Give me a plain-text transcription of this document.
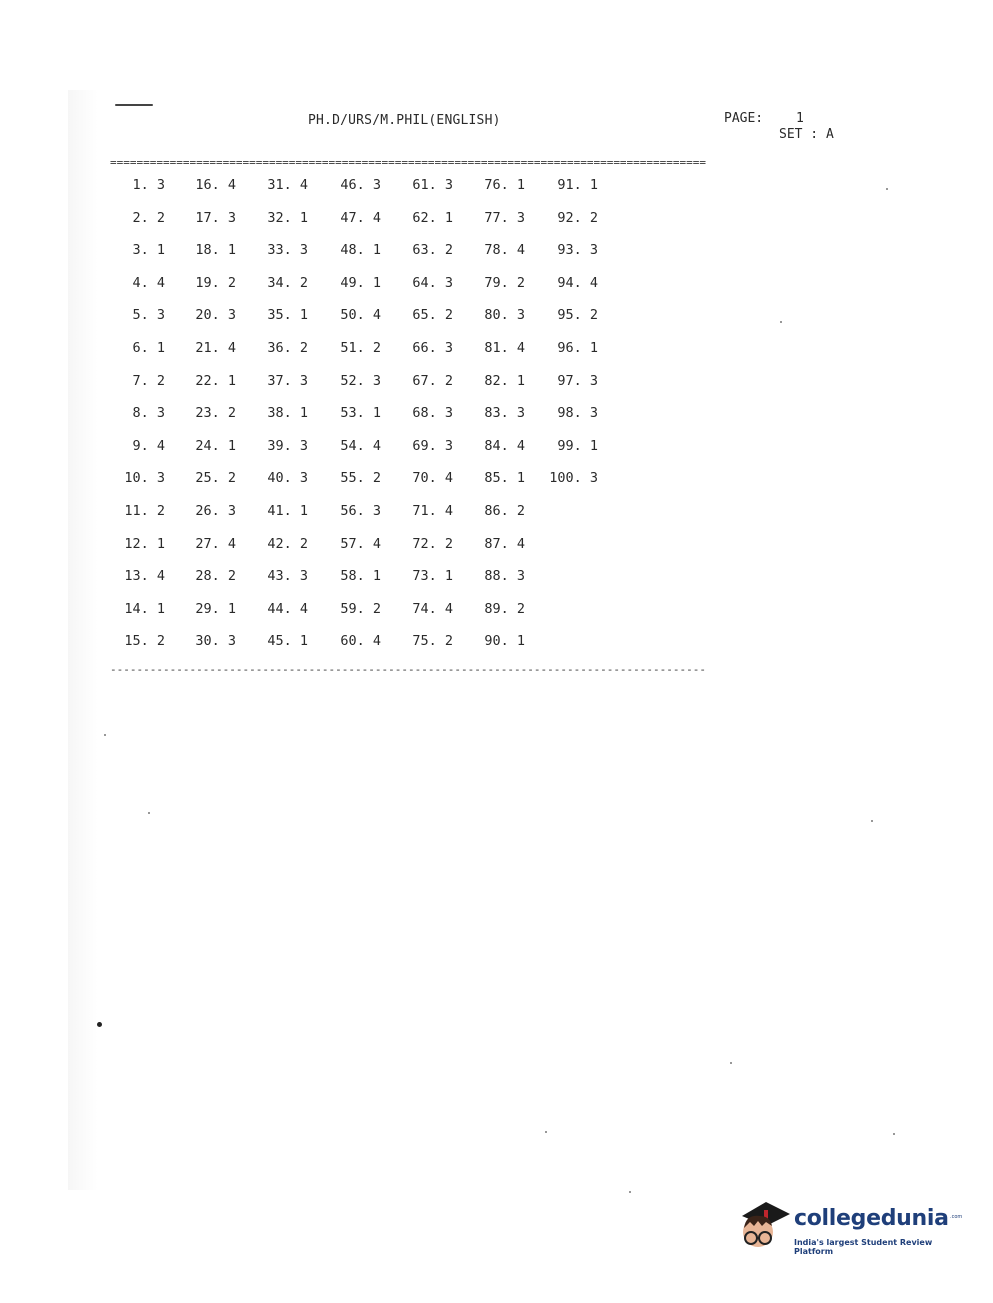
PH.D/URS/M.PHIL(ENGLISH)	PAGE:	1
SET : A
==========================================================================================
1. 3
2. 2
3. 1
4. 4
5. 3
6. 1
7. 2
8. 3
9. 4
10. 3
11. 2
12. 1
13. 4
14. 1
15. 2
16. 4
17. 3
18. 1
19. 2
20. 3
21. 4
22. 1
23. 2
24. 1
25. 2
26. 3
27. 4
28. 2
29. 1
30. 3
31. 4
32. 1
33. 3
34. 2
35. 1
36. 2
37. 3
38. 1
39. 3
40. 3
41. 1
42. 2
43. 3
44. 4
45. 1
46. 3
47. 4
48. 1
49. 1
50. 4
51. 2
52. 3
53. 1
54. 4
55. 2
56. 3
57. 4
58. 1
59. 2
60. 4
61. 3
62. 1
63. 2
64. 3
65. 2
66. 3
67. 2
68. 3
69. 3
70. 4
71. 4
72. 2
73. 1
74. 4
75. 2
76. 1
77. 3
78. 4
79. 2
80. 3
81. 4
82. 1
83. 3
84. 4
85. 1
86. 2
87. 4
88. 3
89. 2
90. 1
91. 1
92. 2
93. 3
94. 4
95. 2
96. 1
97. 3
98. 3
99. 1
100. 3
------------------------------------------------------------------------------------------
collegedunia .com
India's largest Student Review Platform
